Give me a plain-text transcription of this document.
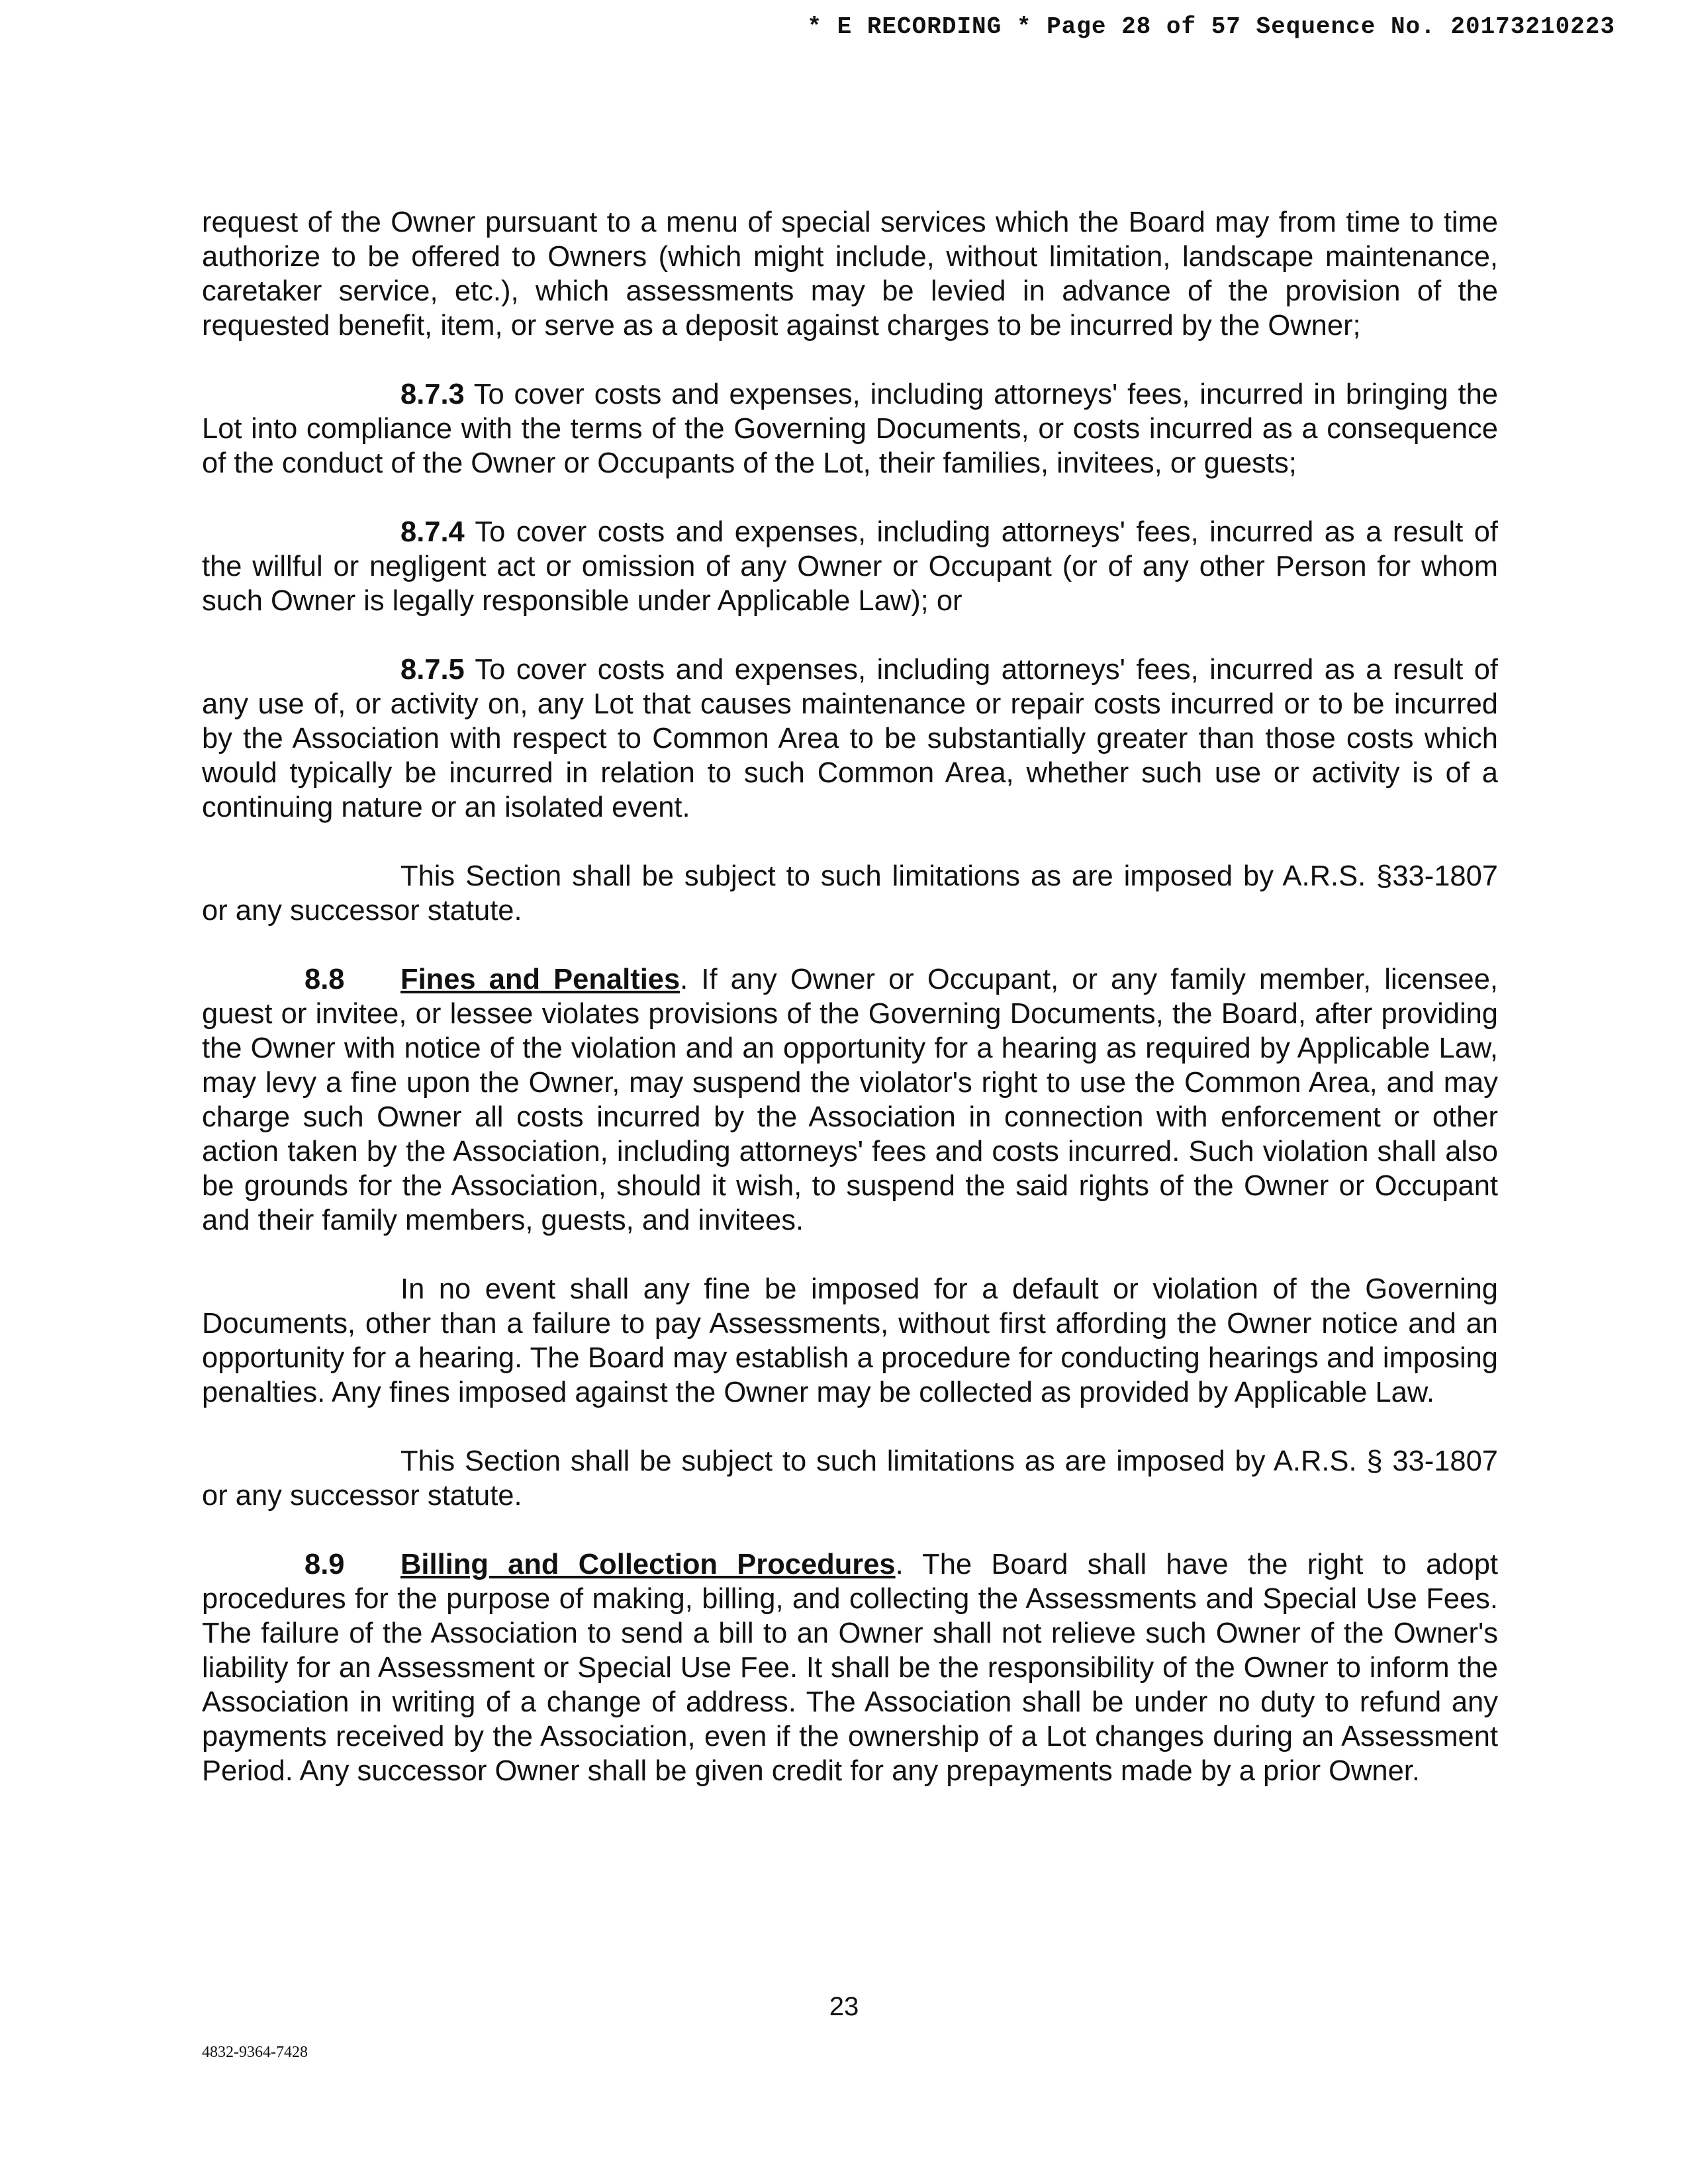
* E RECORDING * Page 28 of 57 Sequence No. 20173210223

request of the Owner pursuant to a menu of special services which the Board may from time to time authorize to be offered to Owners (which might include, without limitation, landscape maintenance, caretaker service, etc.), which assessments may be levied in advance of the provision of the requested benefit, item, or serve as a deposit against charges to be incurred by the Owner;

8.7.3 To cover costs and expenses, including attorneys' fees, incurred in bringing the Lot into compliance with the terms of the Governing Documents, or costs incurred as a consequence of the conduct of the Owner or Occupants of the Lot, their families, invitees, or guests;

8.7.4 To cover costs and expenses, including attorneys' fees, incurred as a result of the willful or negligent act or omission of any Owner or Occupant (or of any other Person for whom such Owner is legally responsible under Applicable Law); or

8.7.5 To cover costs and expenses, including attorneys' fees, incurred as a result of any use of, or activity on, any Lot that causes maintenance or repair costs incurred or to be incurred by the Association with respect to Common Area to be substantially greater than those costs which would typically be incurred in relation to such Common Area, whether such use or activity is of a continuing nature or an isolated event.

This Section shall be subject to such limitations as are imposed by A.R.S. §33-1807 or any successor statute.

8.8 Fines and Penalties. If any Owner or Occupant, or any family member, licensee, guest or invitee, or lessee violates provisions of the Governing Documents, the Board, after providing the Owner with notice of the violation and an opportunity for a hearing as required by Applicable Law, may levy a fine upon the Owner, may suspend the violator's right to use the Common Area, and may charge such Owner all costs incurred by the Association in connection with enforcement or other action taken by the Association, including attorneys' fees and costs incurred. Such violation shall also be grounds for the Association, should it wish, to suspend the said rights of the Owner or Occupant and their family members, guests, and invitees.

In no event shall any fine be imposed for a default or violation of the Governing Documents, other than a failure to pay Assessments, without first affording the Owner notice and an opportunity for a hearing. The Board may establish a procedure for conducting hearings and imposing penalties. Any fines imposed against the Owner may be collected as provided by Applicable Law.

This Section shall be subject to such limitations as are imposed by A.R.S. § 33-1807 or any successor statute.

8.9 Billing and Collection Procedures. The Board shall have the right to adopt procedures for the purpose of making, billing, and collecting the Assessments and Special Use Fees. The failure of the Association to send a bill to an Owner shall not relieve such Owner of the Owner's liability for an Assessment or Special Use Fee. It shall be the responsibility of the Owner to inform the Association in writing of a change of address. The Association shall be under no duty to refund any payments received by the Association, even if the ownership of a Lot changes during an Assessment Period. Any successor Owner shall be given credit for any prepayments made by a prior Owner.

23
4832-9364-7428
